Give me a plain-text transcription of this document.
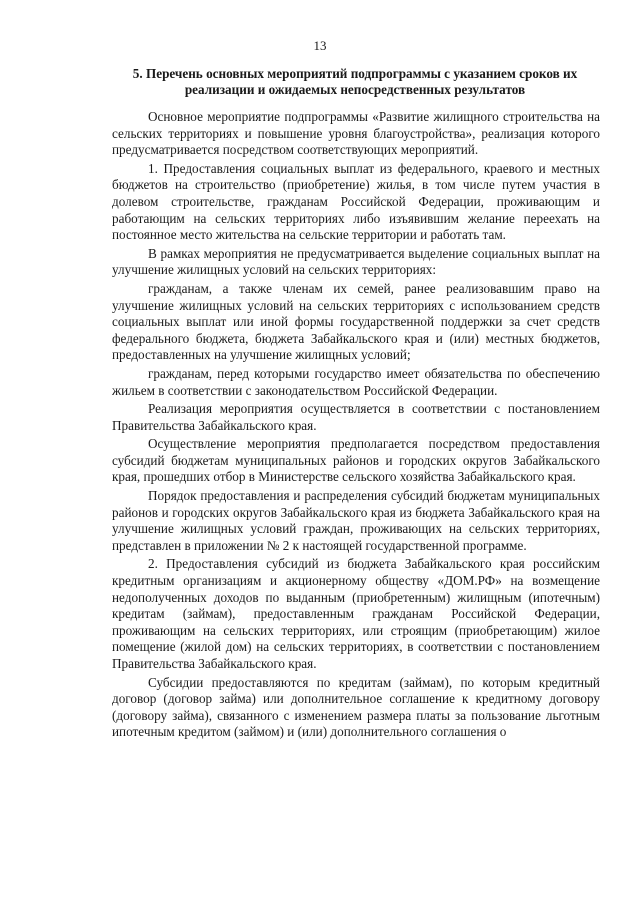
13
5. Перечень основных мероприятий подпрограммы с указанием сроков их реализации и ожидаемых непосредственных результатов

Основное мероприятие подпрограммы «Развитие жилищного строительства на сельских территориях и повышение уровня благоустройства», реализация которого предусматривается посредством соответствующих мероприятий.

1. Предоставления социальных выплат из федерального, краевого и местных бюджетов на строительство (приобретение) жилья, в том числе путем участия в долевом строительстве, гражданам Российской Федерации, проживающим и работающим на сельских территориях либо изъявившим желание переехать на постоянное место жительства на сельские территории и работать там.

В рамках мероприятия не предусматривается выделение социальных выплат на улучшение жилищных условий на сельских территориях:

гражданам, а также членам их семей, ранее реализовавшим право на улучшение жилищных условий на сельских территориях с использованием средств социальных выплат или иной формы государственной поддержки за счет средств федерального бюджета, бюджета Забайкальского края и (или) местных бюджетов, предоставленных на улучшение жилищных условий;

гражданам, перед которыми государство имеет обязательства по обеспечению жильем в соответствии с законодательством Российской Федерации.

Реализация мероприятия осуществляется в соответствии с постановлением Правительства Забайкальского края.

Осуществление мероприятия предполагается посредством предоставления субсидий бюджетам муниципальных районов и городских округов Забайкальского края, прошедших отбор в Министерстве сельского хозяйства Забайкальского края.

Порядок предоставления и распределения субсидий бюджетам муниципальных районов и городских округов Забайкальского края из бюджета Забайкальского края на улучшение жилищных условий граждан, проживающих на сельских территориях, представлен в приложении № 2 к настоящей государственной программе.

2. Предоставления субсидий из бюджета Забайкальского края российским кредитным организациям и акционерному обществу «ДОМ.РФ» на возмещение недополученных доходов по выданным (приобретенным) жилищным (ипотечным) кредитам (займам), предоставленным гражданам Российской Федерации, проживающим на сельских территориях, или строящим (приобретающим) жилое помещение (жилой дом) на сельских территориях, в соответствии с постановлением Правительства Забайкальского края.

Субсидии предоставляются по кредитам (займам), по которым кредитный договор (договор займа) или дополнительное соглашение к кредитному договору (договору займа), связанного с изменением размера платы за пользование льготным ипотечным кредитом (займом) и (или) дополнительного соглашения о
